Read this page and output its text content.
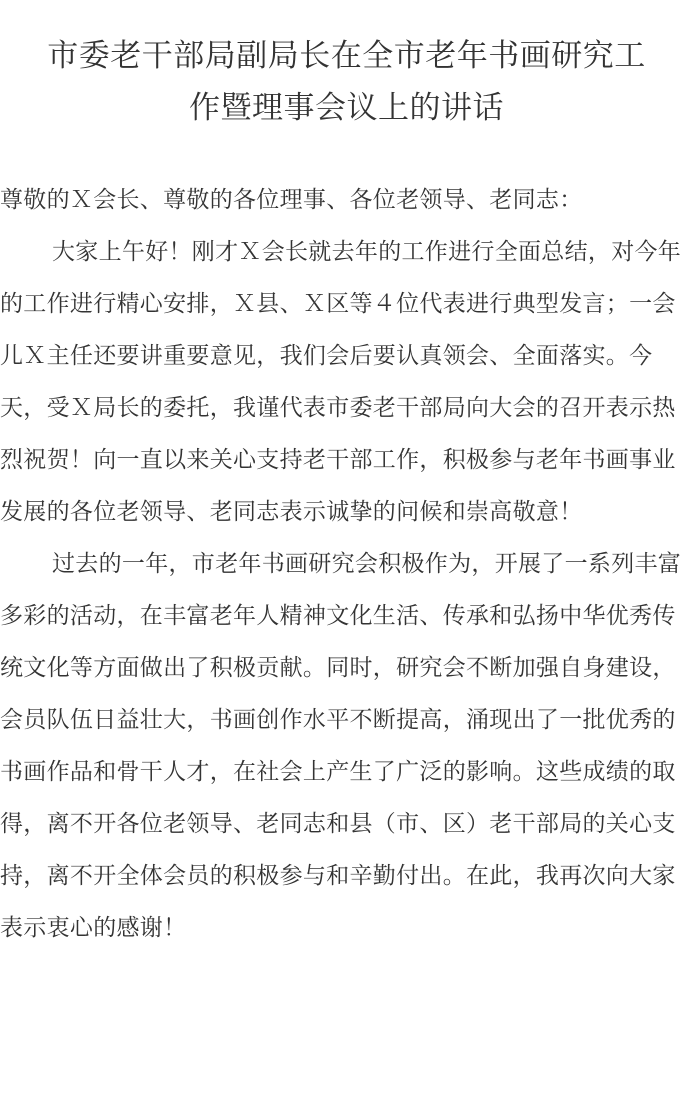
市委老干部局副局长在全市老年书画研究工
作暨理事会议上的讲话

尊敬的Ｘ会长、尊敬的各位理事、各位老领导、老同志：

大家上午好！刚才Ｘ会长就去年的工作进行全面总结，对今年的工作进行精心安排，Ｘ县、Ｘ区等４位代表进行典型发言；一会儿Ｘ主任还要讲重要意见，我们会后要认真领会、全面落实。今天，受Ｘ局长的委托，我谨代表市委老干部局向大会的召开表示热烈祝贺！向一直以来关心支持老干部工作，积极参与老年书画事业发展的各位老领导、老同志表示诚挚的问候和崇高敬意！

过去的一年，市老年书画研究会积极作为，开展了一系列丰富多彩的活动，在丰富老年人精神文化生活、传承和弘扬中华优秀传统文化等方面做出了积极贡献。同时，研究会不断加强自身建设，会员队伍日益壮大，书画创作水平不断提高，涌现出了一批优秀的书画作品和骨干人才，在社会上产生了广泛的影响。这些成绩的取得，离不开各位老领导、老同志和县（市、区）老干部局的关心支持，离不开全体会员的积极参与和辛勤付出。在此，我再次向大家表示衷心的感谢！
